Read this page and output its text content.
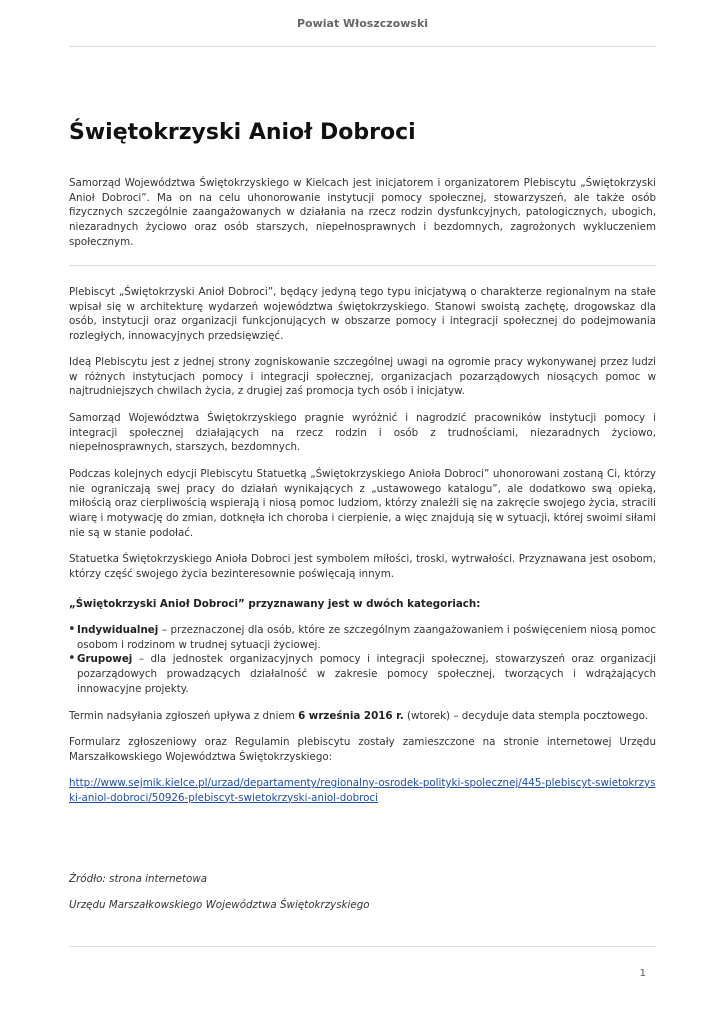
Powiat Włoszczowski
Świętokrzyski Anioł Dobroci

Samorząd Województwa Świętokrzyskiego w Kielcach jest inicjatorem i organizatorem Plebiscytu „Świętokrzyski Anioł Dobroci”. Ma on na celu uhonorowanie instytucji pomocy społecznej, stowarzyszeń, ale także osób fizycznych szczególnie zaangażowanych w działania na rzecz rodzin dysfunkcyjnych, patologicznych, ubogich, niezaradnych życiowo oraz osób starszych, niepełnosprawnych i bezdomnych, zagrożonych wykluczeniem społecznym.

Plebiscyt „Świętokrzyski Anioł Dobroci”, będący jedyną tego typu inicjatywą o charakterze regionalnym na stałe wpisał się w architekturę wydarzeń województwa świętokrzyskiego. Stanowi swoistą zachętę, drogowskaz dla osób, instytucji oraz organizacji funkcjonujących w obszarze pomocy i integracji społecznej do podejmowania rozległych, innowacyjnych przedsięwzięć.

Ideą Plebiscytu jest z jednej strony zogniskowanie szczególnej uwagi na ogromie pracy wykonywanej przez ludzi w różnych instytucjach pomocy i integracji społecznej, organizacjach pozarządowych niosących pomoc w najtrudniejszych chwilach życia, z drugiej zaś promocja tych osób i inicjatyw.

Samorząd Województwa Świętokrzyskiego pragnie wyróżnić i nagrodzić pracowników instytucji pomocy i integracji społecznej działających na rzecz rodzin i osób z trudnościami, niezaradnych życiowo, niepełnosprawnych, starszych, bezdomnych.

Podczas kolejnych edycji Plebiscytu Statuetką „Świętokrzyskiego Anioła Dobroci” uhonorowani zostaną Ci, którzy nie ograniczają swej pracy do działań wynikających z „ustawowego katalogu”, ale dodatkowo swą opieką, miłością oraz cierpliwością wspierają i niosą pomoc ludziom, którzy znaleźli się na zakręcie swojego życia, stracili wiarę i motywację do zmian, dotknęła ich choroba i cierpienie, a więc znajdują się w sytuacji, której swoimi siłami nie są w stanie podołać.

Statuetka Świętokrzyskiego Anioła Dobroci jest symbolem miłości, troski, wytrwałości. Przyznawana jest osobom, którzy część swojego życia bezinteresownie poświęcają innym.

„Świętokrzyski Anioł Dobroci” przyznawany jest w dwóch kategoriach:

• Indywidualnej – przeznaczonej dla osób, które ze szczególnym zaangażowaniem i poświęceniem niosą pomoc osobom i rodzinom w trudnej sytuacji życiowej.
• Grupowej – dla jednostek organizacyjnych pomocy i integracji społecznej, stowarzyszeń oraz organizacji pozarządowych prowadzących działalność w zakresie pomocy społecznej, tworzących i wdrążających innowacyjne projekty.

Termin nadsyłania zgłoszeń upływa z dniem 6 września 2016 r. (wtorek) – decyduje data stempla pocztowego.

Formularz zgłoszeniowy oraz Regulamin plebiscytu zostały zamieszczone na stronie internetowej Urzędu Marszałkowskiego Województwa Świętokrzyskiego:

http://www.sejmik.kielce.pl/urzad/departamenty/regionalny-osrodek-polityki-spolecznej/445-plebiscyt-swietokrzyski-aniol-dobroci/50926-plebiscyt-swietokrzyski-aniol-dobroci

Źródło: strona internetowa

Urzędu Marszałkowskiego Województwa Świętokrzyskiego

1
